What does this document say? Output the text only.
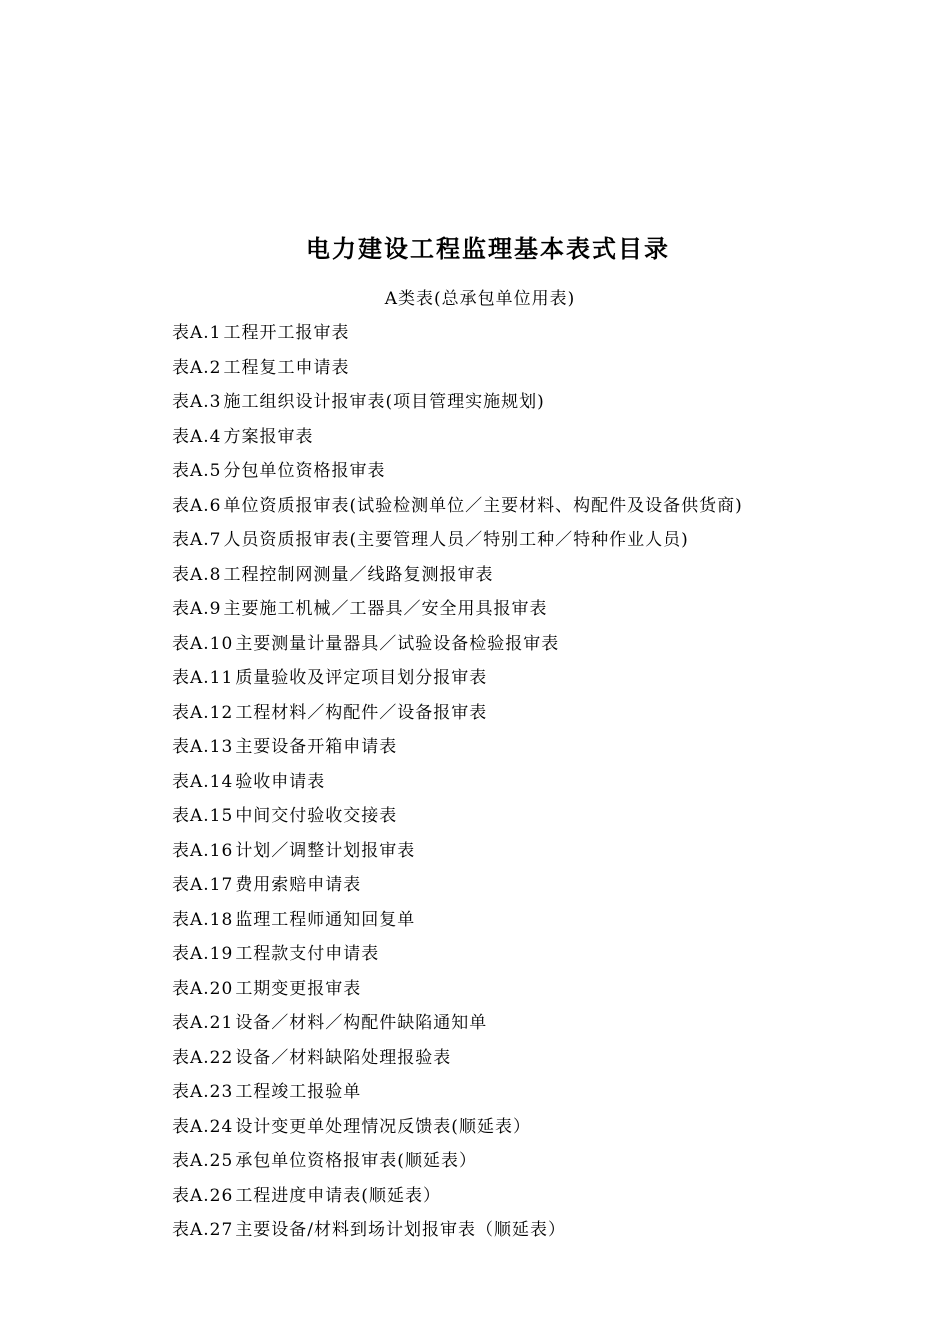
电力建设工程监理基本表式目录
A类表(总承包单位用表)
表A.1 工程开工报审表
表A.2 工程复工申请表
表A.3 施工组织设计报审表(项目管理实施规划)
表A.4 方案报审表
表A.5 分包单位资格报审表
表A.6 单位资质报审表(试验检测单位／主要材料、构配件及设备供货商)
表A.7 人员资质报审表(主要管理人员／特别工种／特种作业人员)
表A.8 工程控制网测量／线路复测报审表
表A.9 主要施工机械／工器具／安全用具报审表
表A.10 主要测量计量器具／试验设备检验报审表
表A.11 质量验收及评定项目划分报审表
表A.12 工程材料／构配件／设备报审表
表A.13 主要设备开箱申请表
表A.14 验收申请表
表A.15 中间交付验收交接表
表A.16 计划／调整计划报审表
表A.17 费用索赔申请表
表A.18 监理工程师通知回复单
表A.19 工程款支付申请表
表A.20 工期变更报审表
表A.21 设备／材料／构配件缺陷通知单
表A.22 设备／材料缺陷处理报验表
表A.23 工程竣工报验单
表A.24 设计变更单处理情况反馈表(顺延表）
表A.25 承包单位资格报审表(顺延表）
表A.26 工程进度申请表(顺延表）
表A.27 主要设备/材料到场计划报审表（顺延表）
